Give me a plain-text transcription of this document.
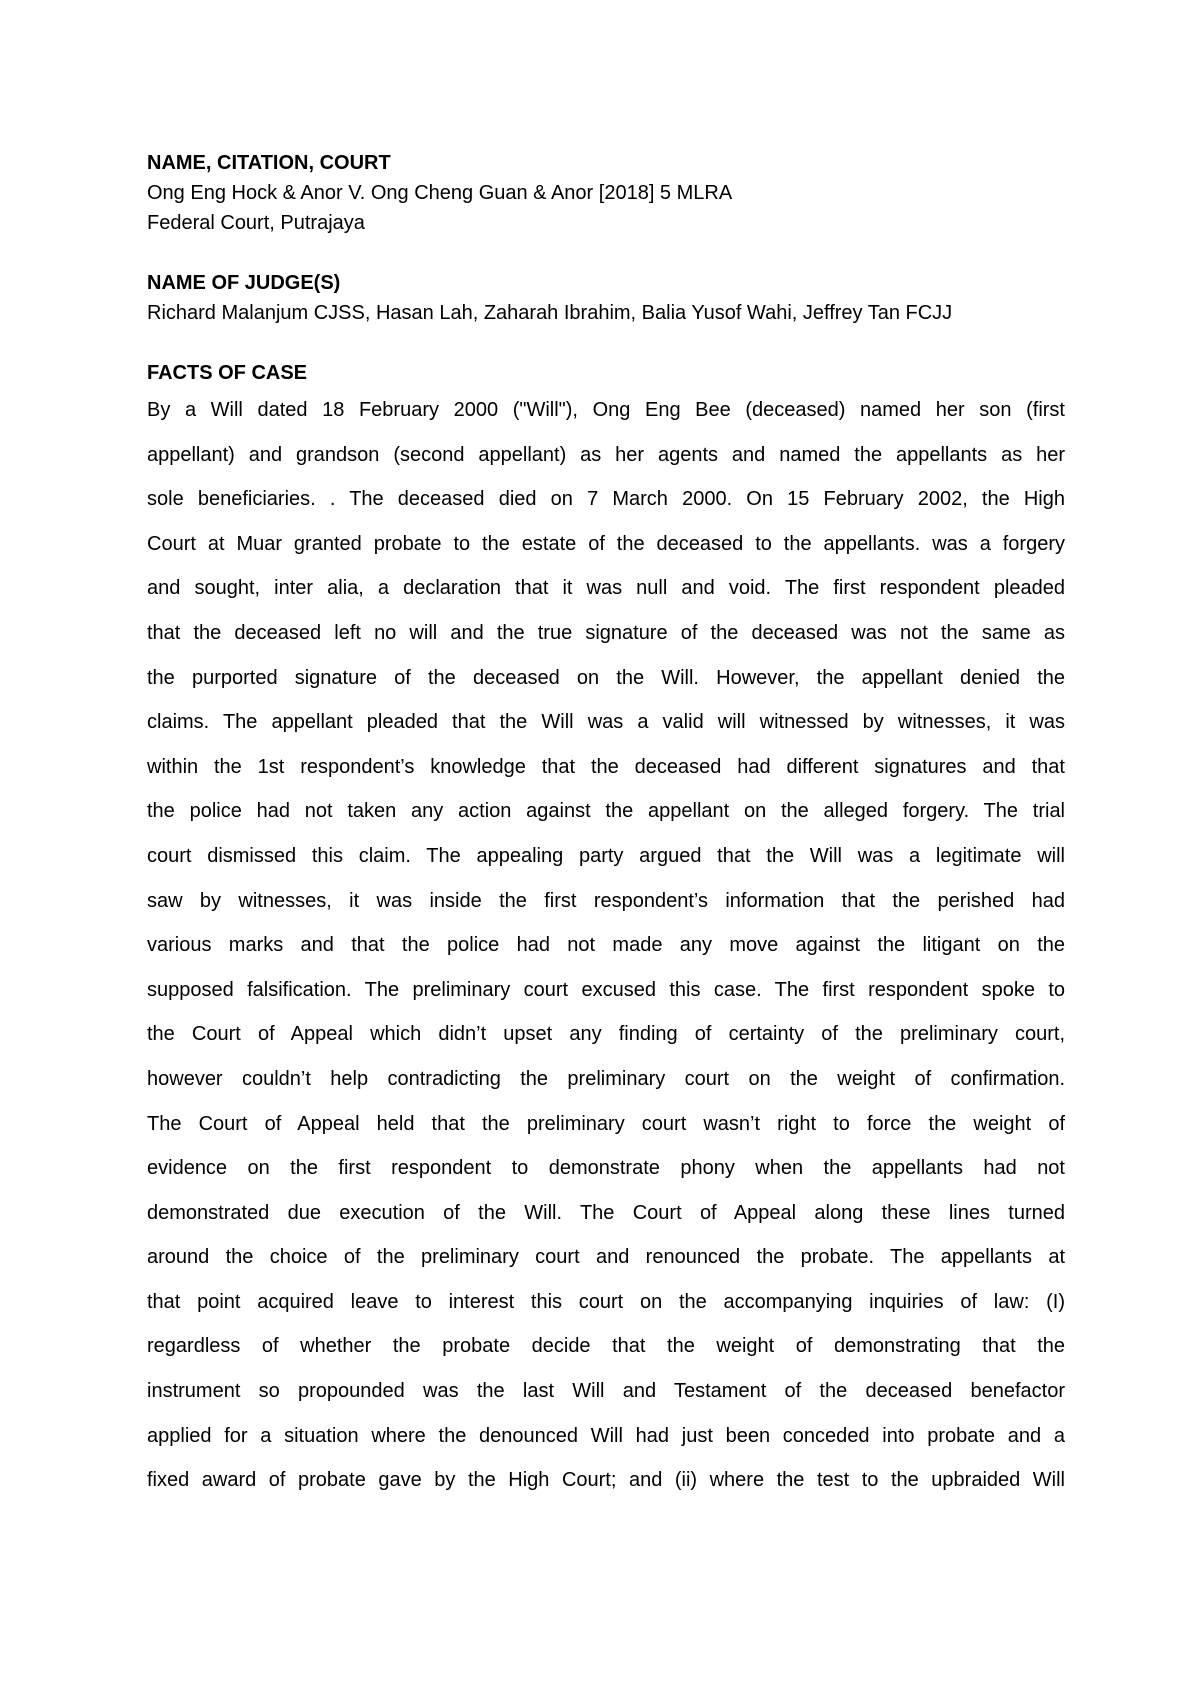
NAME, CITATION, COURT

Ong Eng Hock & Anor V. Ong Cheng Guan & Anor [2018] 5 MLRA

Federal Court, Putrajaya

NAME OF JUDGE(S)

Richard Malanjum CJSS, Hasan Lah, Zaharah Ibrahim, Balia Yusof Wahi, Jeffrey Tan FCJJ

FACTS OF CASE

By a Will dated 18 February 2000 ("Will"), Ong Eng Bee (deceased) named her son (first
appellant) and grandson (second appellant) as her agents and named the appellants as her
sole beneficiaries. . The deceased died on 7 March 2000. On 15 February 2002, the High
Court at Muar granted probate to the estate of the deceased to the appellants. was a forgery
and sought, inter alia, a declaration that it was null and void. The first respondent pleaded
that the deceased left no will and the true signature of the deceased was not the same as
the purported signature of the deceased on the Will. However, the appellant denied the
claims. The appellant pleaded that the Will was a valid will witnessed by witnesses, it was
within the 1st respondent’s knowledge that the deceased had different signatures and that
the police had not taken any action against the appellant on the alleged forgery. The trial
court dismissed this claim. The appealing party argued that the Will was a legitimate will
saw by witnesses, it was inside the first respondent’s information that the perished had
various marks and that the police had not made any move against the litigant on the
supposed falsification. The preliminary court excused this case. The first respondent spoke to
the Court of Appeal which didn’t upset any finding of certainty of the preliminary court,
however couldn’t help contradicting the preliminary court on the weight of confirmation.
The Court of Appeal held that the preliminary court wasn’t right to force the weight of
evidence on the first respondent to demonstrate phony when the appellants had not
demonstrated due execution of the Will. The Court of Appeal along these lines turned
around the choice of the preliminary court and renounced the probate. The appellants at
that point acquired leave to interest this court on the accompanying inquiries of law: (I)
regardless of whether the probate decide that the weight of demonstrating that the
instrument so propounded was the last Will and Testament of the deceased benefactor
applied for a situation where the denounced Will had just been conceded into probate and a
fixed award of probate gave by the High Court; and (ii) where the test to the upbraided Will
